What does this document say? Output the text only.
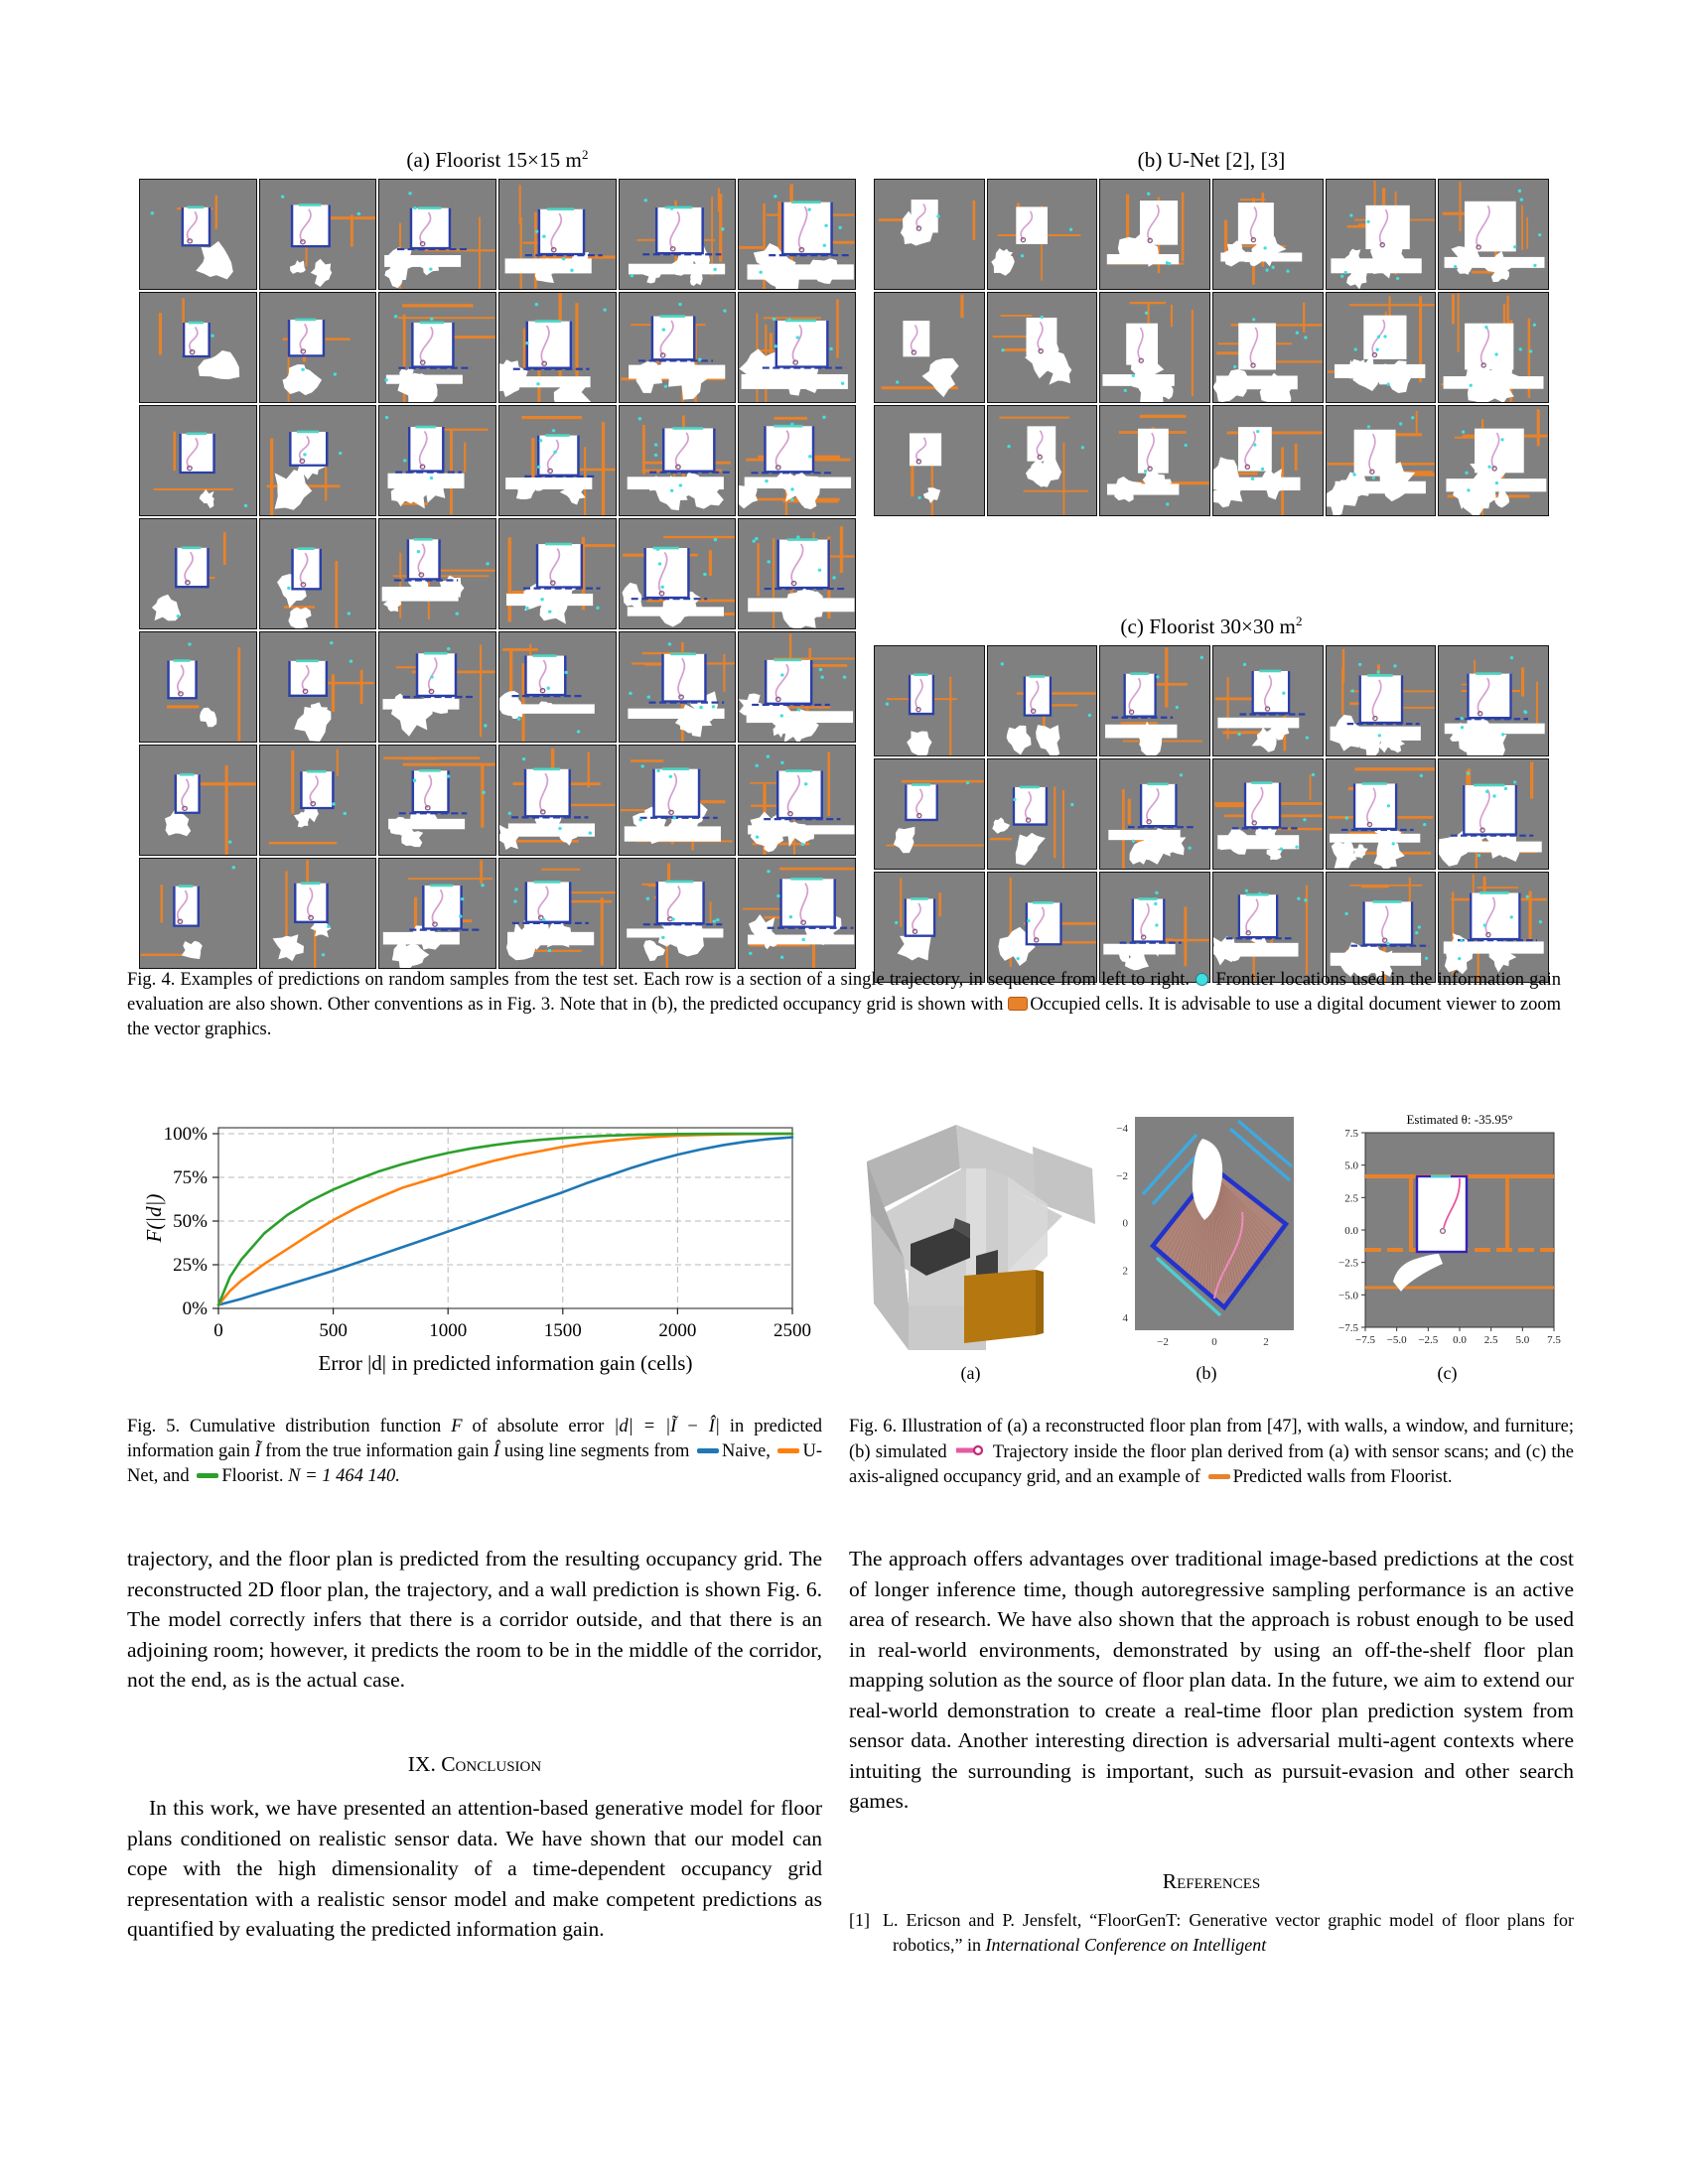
(a) Floorist 15×15 $m^2$	(b) U-Net [2], [3]
(c) Floorist 30×30 $m^2$
Fig. 4. Examples of predictions on random samples from the test set. Each row is a section of a single trajectory, in sequence from left to right. Frontier locations used in the information gain evaluation are also shown. Other conventions as in Fig. 3. Note that in (b), the predicted occupancy grid is shown with Occupied cells. It is advisable to use a digital document viewer to zoom the vector graphics.
0%
25%
50%
75%
100%
0	500	1000	1500	2000	2500
Error |d| in predicted information gain (cells)
F(|d|)
Fig. 5. Cumulative distribution function F of absolute error |d| = |Ĩ − Î| in predicted information gain Ĩ from the true information gain Î using line segments from Naive, U-Net, and Floorist. N = 1 464 140.
−4
−2
0
2
4
−2	0	2
Estimated θ: -35.95°
7.5
5.0
2.5
0.0
−2.5
−5.0
−7.5
−7.5 −5.0 −2.5 0.0 2.5 5.0 7.5
(a)	(b)	(c)
Fig. 6. Illustration of (a) a reconstructed floor plan from [47], with walls, a window, and furniture; (b) simulated Trajectory inside the floor plan derived from (a) with sensor scans; and (c) the axis-aligned occupancy grid, and an example of Predicted walls from Floorist.

trajectory, and the floor plan is predicted from the resulting occupancy grid. The reconstructed 2D floor plan, the trajectory, and a wall prediction is shown Fig. 6. The model correctly infers that there is a corridor outside, and that there is an adjoining room; however, it predicts the room to be in the middle of the corridor, not the end, as is the actual case.

IX. Conclusion

In this work, we have presented an attention-based generative model for floor plans conditioned on realistic sensor data. We have shown that our model can cope with the high dimensionality of a time-dependent occupancy grid representation with a realistic sensor model and make competent predictions as quantified by evaluating the predicted information gain.

The approach offers advantages over traditional image-based predictions at the cost of longer inference time, though autoregressive sampling performance is an active area of research. We have also shown that the approach is robust enough to be used in real-world environments, demonstrated by using an off-the-shelf floor plan mapping solution as the source of floor plan data. In the future, we aim to extend our real-world demonstration to create a real-time floor plan prediction system from sensor data. Another interesting direction is adversarial multi-agent contexts where intuiting the surrounding is important, such as pursuit-evasion and other search games.

References
[1] L. Ericson and P. Jensfelt, “FloorGenT: Generative vector graphic model of floor plans for robotics,” in International Conference on Intelligent
